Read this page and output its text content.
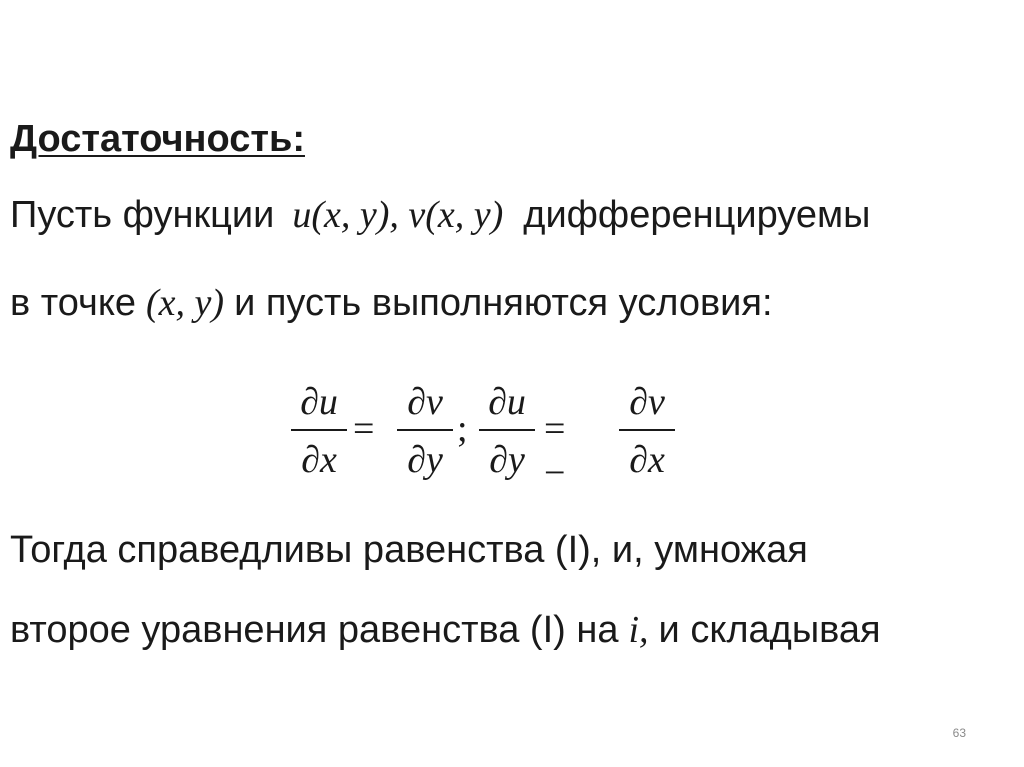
Достаточность:
Пусть функции u(x, y), v(x, y) дифференцируемы
в точке (x, y) и пусть выполняются условия:
∂u
∂x
=
∂v
∂y
;
∂u
∂y
= −
∂v
∂x
Тогда справедливы равенства (I), и, умножая
второе уравнения равенства (I) на i, и складывая
63
